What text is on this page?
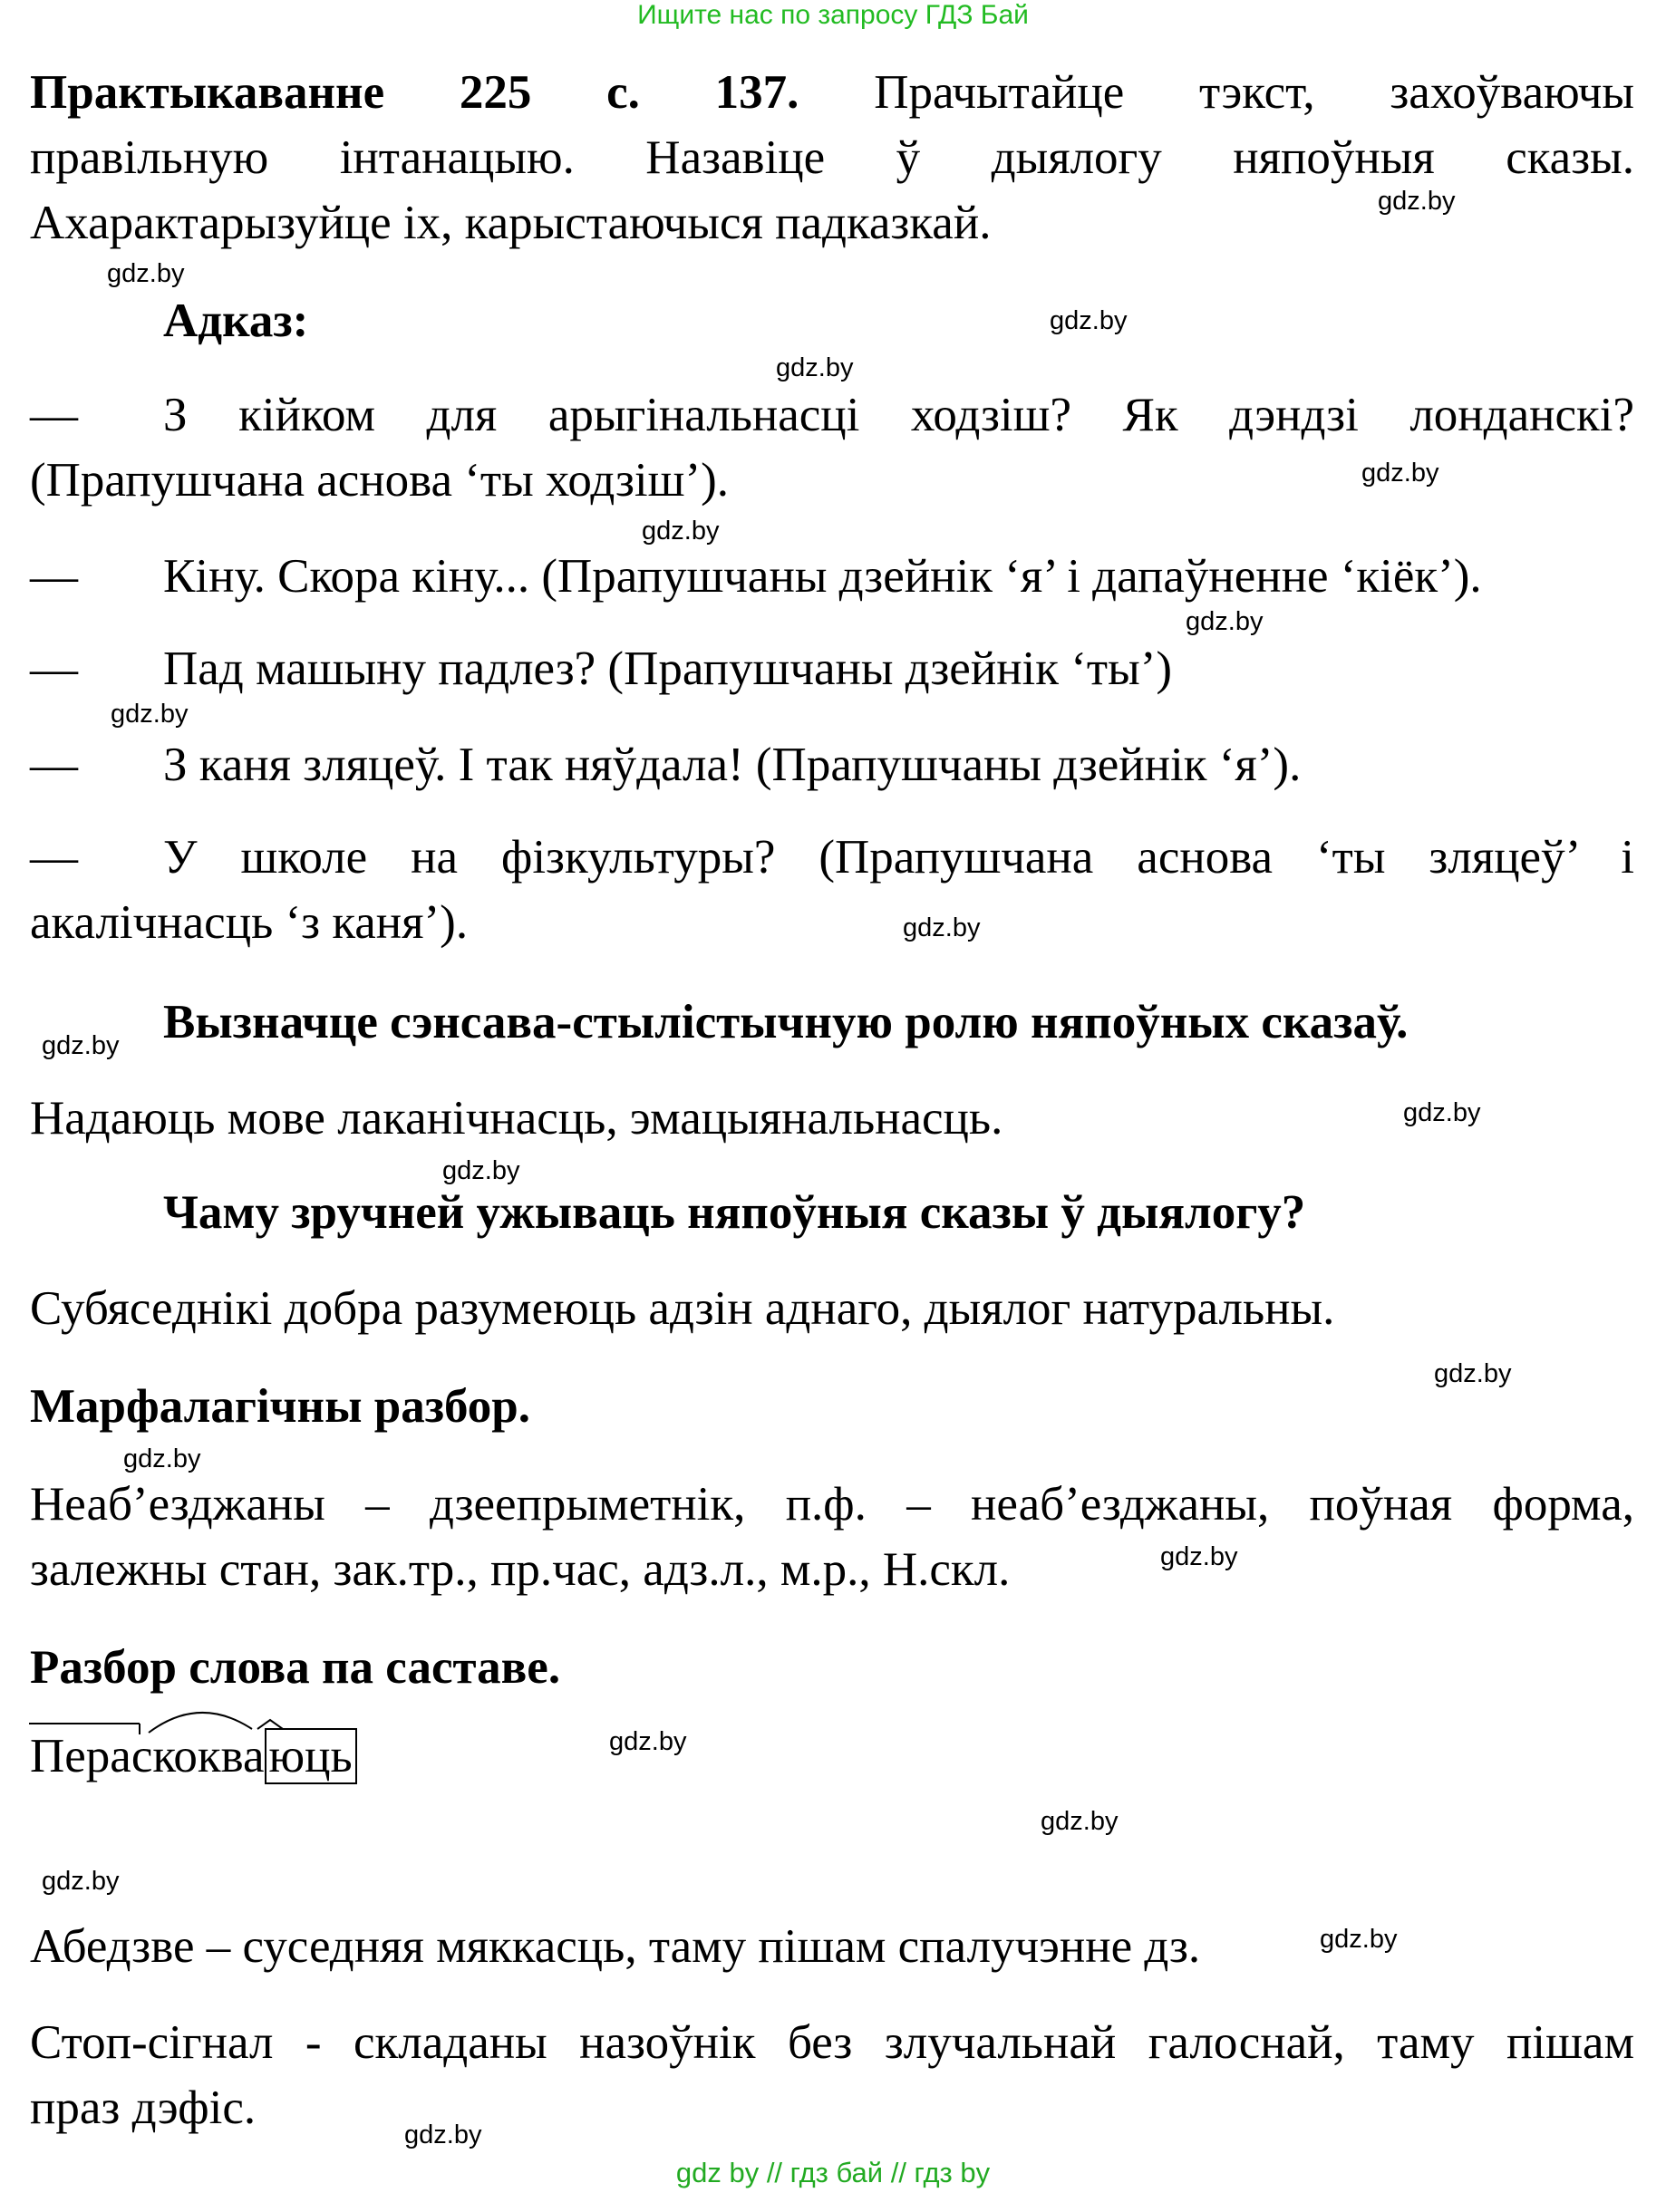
Ищите нас по запросу ГДЗ Бай
Практыкаванне 225 с. 137. Прачытайце тэкст, захоўваючы
правільную інтанацыю. Назавіце ў дыялогу няпоўныя сказы.
Ахарактарызуйце іх, карыстаючыся падказкай.
Адказ:
— З кійком для арыгінальнасці ходзіш? Як дэндзі лонданскі?
(Прапушчана аснова ‘ты ходзіш’).
— Кіну. Скора кіну... (Прапушчаны дзейнік ‘я’ і дапаўненне ‘кіёк’).
— Пад машыну падлез? (Прапушчаны дзейнік ‘ты’)
— З каня зляцеў. І так няўдала! (Прапушчаны дзейнік ‘я’).
— У школе на фізкультуры? (Прапушчана аснова ‘ты зляцеў’ і
акалічнасць ‘з каня’).
Вызначце сэнсава-стылістычную ролю няпоўных сказаў.
Надаюць мове лаканічнасць, эмацыянальнасць.
Чаму зручней ужываць няпоўныя сказы ў дыялогу?
Субяседнікі добра разумеюць адзін аднаго, дыялог натуральны.
Марфалагічны разбор.
Неаб’езджаны – дзеепрыметнік, п.ф. – неаб’езджаны, поўная форма,
залежны стан, зак.тр., пр.час, адз.л., м.р., Н.скл.
Разбор слова па саставе.
Пераскокваюць
Абедзве – суседняя мяккасць, таму пішам спалучэнне дз.
Стоп-сігнал - складаны назоўнік без злучальнай галоснай, таму пішам
праз дэфіс.
gdz.by
gdz.by
gdz.by
gdz.by
gdz.by
gdz.by
gdz.by
gdz.by
gdz.by
gdz.by
gdz.by
gdz.by
gdz.by
gdz.by
gdz.by
gdz.by
gdz.by
gdz.by
gdz.by
gdz.by
gdz by // гдз бай // гдз by
